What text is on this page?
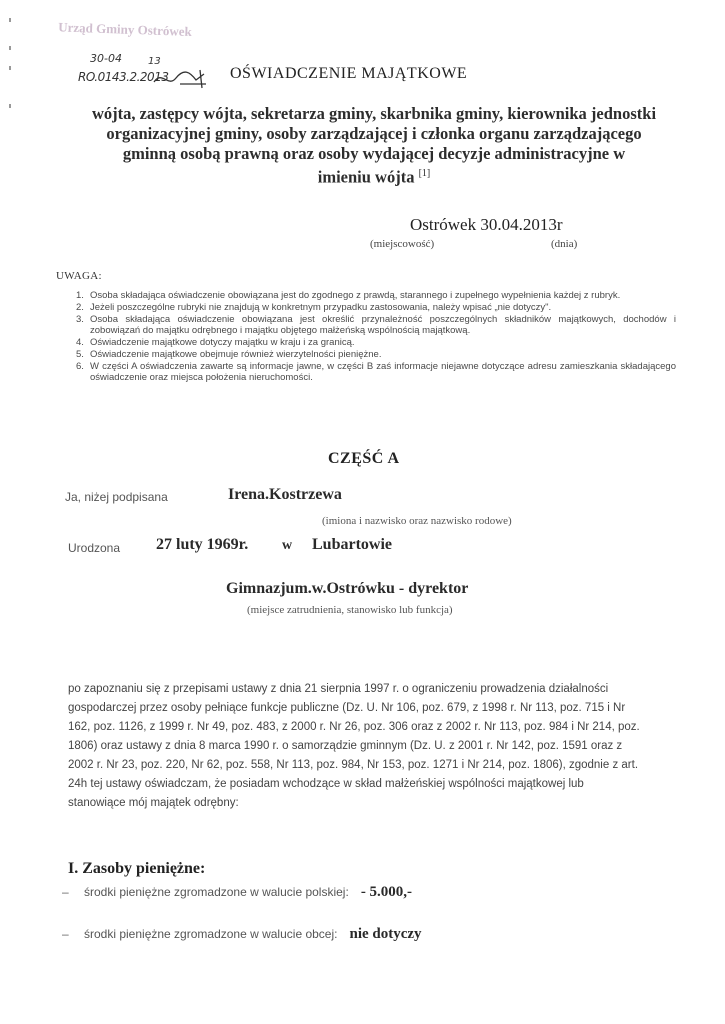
Urząd Gminy Ostrówek
30-04	13
RO.0143.2.2013	OŚWIADCZENIE MAJĄTKOWE
wójta, zastępcy wójta, sekretarza gminy, skarbnika gminy, kierownika jednostki
organizacyjnej gminy, osoby zarządzającej i członka organu zarządzającego
gminną osobą prawną oraz osoby wydającej decyzje administracyjne w
imieniu wójta [1]
Ostrówek 30.04.2013r
(miejscowość)	(dnia)
UWAGA:
1. Osoba składająca oświadczenie obowiązana jest do zgodnego z prawdą, starannego i zupełnego wypełnienia każdej z rubryk.
2. Jeżeli poszczególne rubryki nie znajdują w konkretnym przypadku zastosowania, należy wpisać „nie dotyczy".
3. Osoba składająca oświadczenie obowiązana jest określić przynależność poszczególnych składników majątkowych, dochodów i zobowiązań do majątku odrębnego i majątku objętego małżeńską wspólnością majątkową.
4. Oświadczenie majątkowe dotyczy majątku w kraju i za granicą.
5. Oświadczenie majątkowe obejmuje również wierzytelności pieniężne.
6. W części A oświadczenia zawarte są informacje jawne, w części B zaś informacje niejawne dotyczące adresu zamieszkania składającego oświadczenie oraz miejsca położenia nieruchomości.
CZĘŚĆ A
Ja, niżej podpisana	Irena.Kostrzewa
(imiona i nazwisko oraz nazwisko rodowe)
Urodzona 27 luty 1969r. w Lubartowie
Gimnazjum.w.Ostrówku - dyrektor
(miejsce zatrudnienia, stanowisko lub funkcja)
po zapoznaniu się z przepisami ustawy z dnia 21 sierpnia 1997 r. o ograniczeniu prowadzenia działalności gospodarczej przez osoby pełniące funkcje publiczne (Dz. U. Nr 106, poz. 679, z 1998 r. Nr 113, poz. 715 i Nr 162, poz. 1126, z 1999 r. Nr 49, poz. 483, z 2000 r. Nr 26, poz. 306 oraz z 2002 r. Nr 113, poz. 984 i Nr 214, poz. 1806) oraz ustawy z dnia 8 marca 1990 r. o samorządzie gminnym (Dz. U. z 2001 r. Nr 142, poz. 1591 oraz z 2002 r. Nr 23, poz. 220, Nr 62, poz. 558, Nr 113, poz. 984, Nr 153, poz. 1271 i Nr 214, poz. 1806), zgodnie z art. 24h tej ustawy oświadczam, że posiadam wchodzące w skład małżeńskiej wspólności majątkowej lub stanowiące mój majątek odrębny:
I. Zasoby pieniężne:
– środki pieniężne zgromadzone w walucie polskiej: - 5.000,-
– środki pieniężne zgromadzone w walucie obcej: nie dotyczy
